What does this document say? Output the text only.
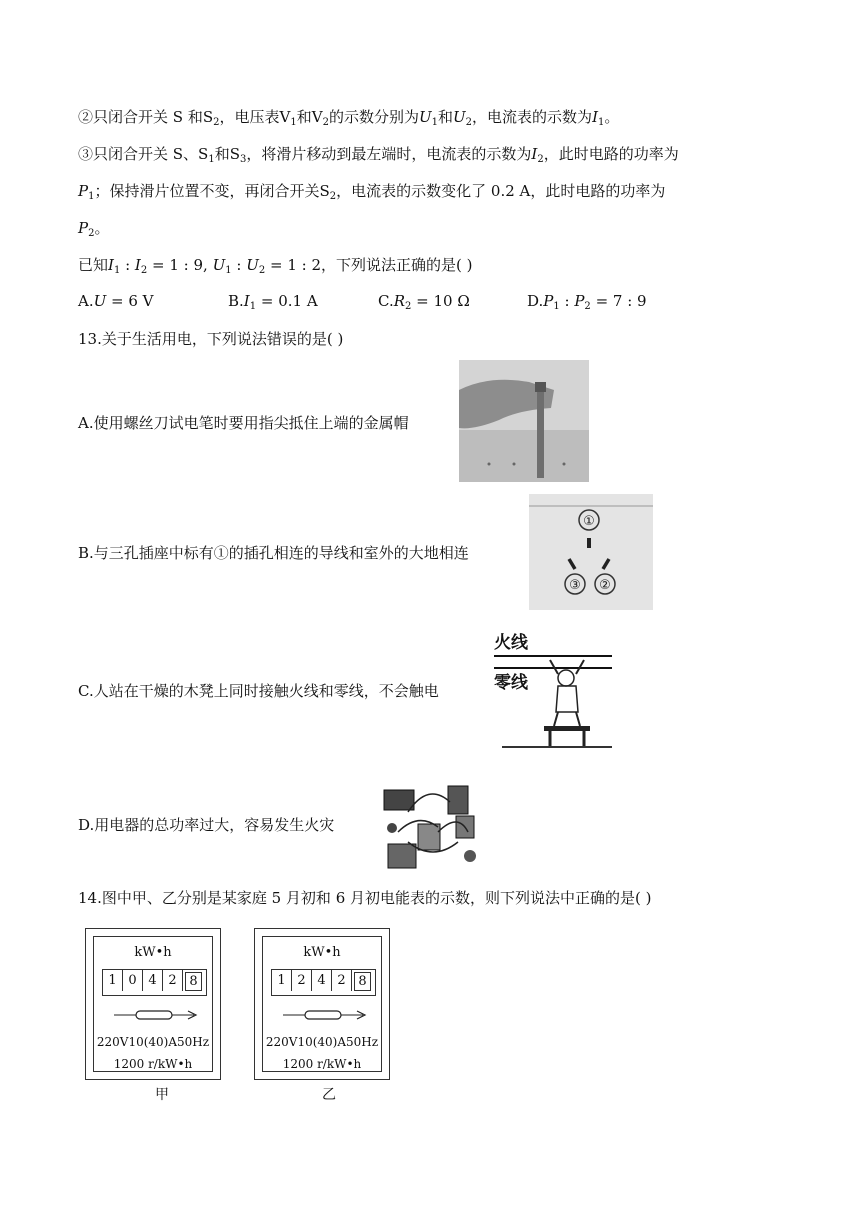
②只闭合开关 S 和$S_2$，电压表$V_1$和$V_2$的示数分别为$U_1$和$U_2$，电流表的示数为$I_1$。
③只闭合开关 S、$S_1$和$S_3$，将滑片移动到最左端时，电流表的示数为$I_2$，此时电路的功率为
$P_1$；保持滑片位置不变，再闭合开关$S_2$，电流表的示数变化了 0.2 A，此时电路的功率为
$P_2$。
已知$I_1$ : $I_2 = 1$ : 9, $U_1$ : $U_2 = 1$ : 2，下列说法正确的是( )
A.U = 6 V	$B.I_1 = 0.1$ A	$C.R_2 = 10$ Ω	$D.P_1$ : $P_2 = 7$ : 9
13.关于生活用电，下列说法错误的是( )
A.使用螺丝刀试电笔时要用指尖抵住上端的金属帽
B.与三孔插座中标有①的插孔相连的导线和室外的大地相连
①
③ ②
C.人站在干燥的木凳上同时接触火线和零线，不会触电
火线
零线
D.用电器的总功率过大，容易发生火灾
14.图中甲、乙分别是某家庭 5 月初和 6 月初电能表的示数，则下列说法中正确的是( )
kW•h
1 0 4 2 8
220V10(40)A50Hz
1200 r/kW•h
甲
kW•h
1 2 4 2 8
220V10(40)A50Hz
1200 r/kW•h
乙
